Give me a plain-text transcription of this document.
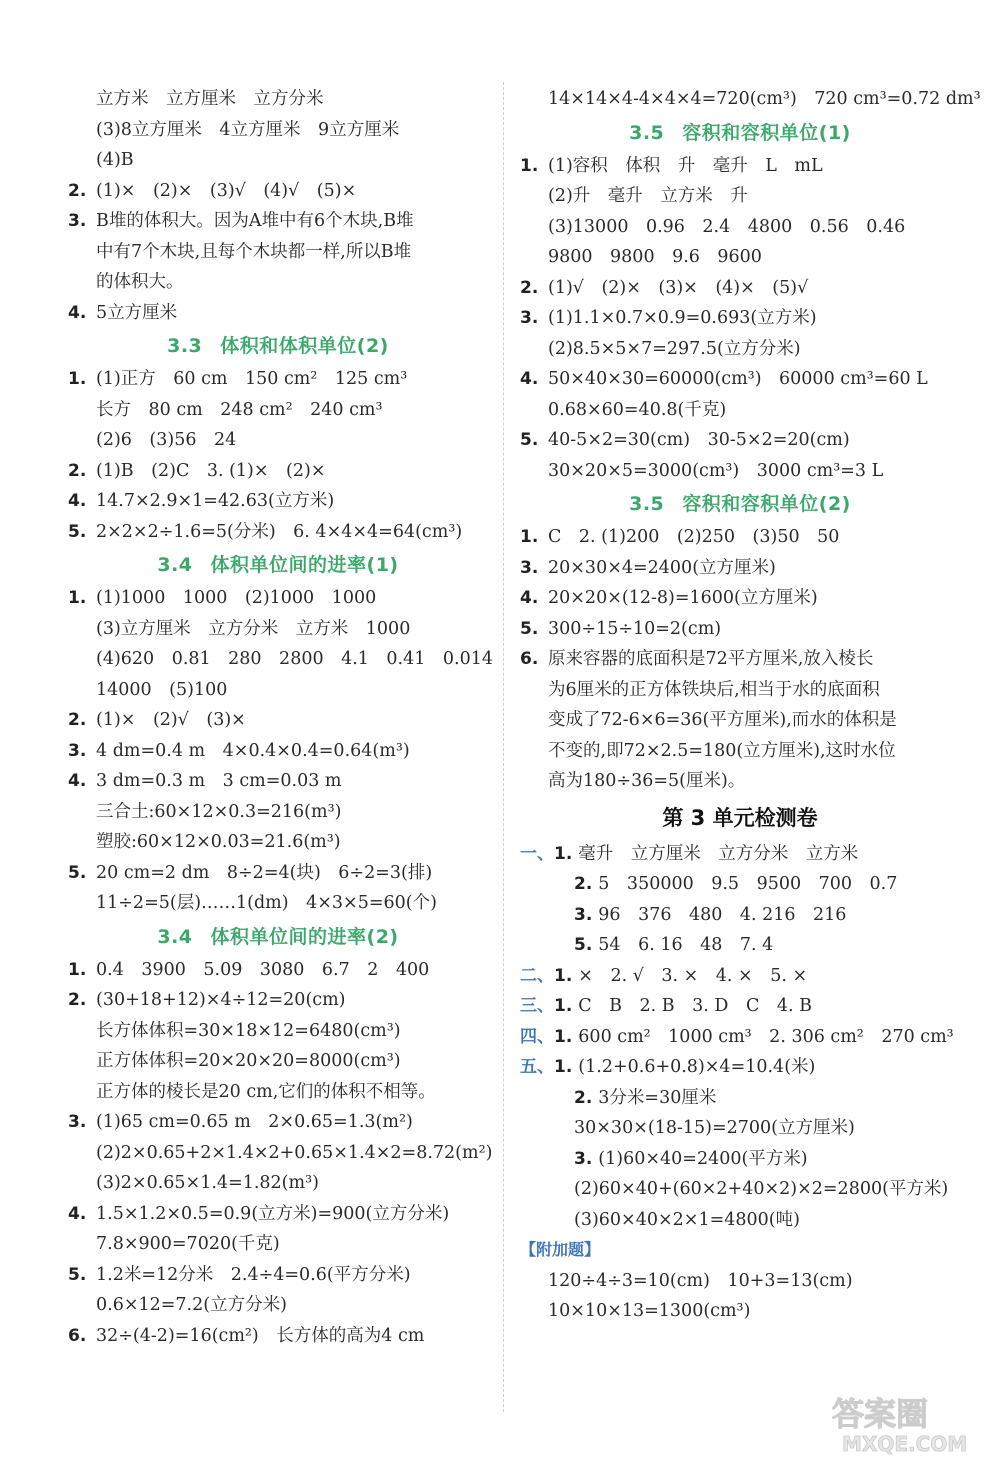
立方米　立方厘米　立方分米
(3)8立方厘米　4立方厘米　9立方厘米
(4)B
2. (1)×　(2)×　(3)√　(4)√　(5)×
3. B堆的体积大。因为A堆中有6个木块,B堆
中有7个木块,且每个木块都一样,所以B堆
的体积大。
4. 5立方厘米
3.3 体积和体积单位(2)
1. (1)正方　60 cm　150 cm²　125 cm³
长方　80 cm　248 cm²　240 cm³
(2)6　(3)56　24
2. (1)B　(2)C　3. (1)×　(2)×
4. 14.7×2.9×1=42.63(立方米)
5. 2×2×2÷1.6=5(分米)　6. 4×4×4=64(cm³)
3.4 体积单位间的进率(1)
1. (1)1000　1000　(2)1000　1000
(3)立方厘米　立方分米　立方米　1000
(4)620　0.81　280　2800　4.1　0.41　0.014
14000　(5)100
2. (1)×　(2)√　(3)×
3. 4 dm=0.4 m　4×0.4×0.4=0.64(m³)
4. 3 dm=0.3 m　3 cm=0.03 m
三合土:60×12×0.3=216(m³)
塑胶:60×12×0.03=21.6(m³)
5. 20 cm=2 dm　8÷2=4(块)　6÷2=3(排)
11÷2=5(层)……1(dm)　4×3×5=60(个)
3.4 体积单位间的进率(2)
1. 0.4　3900　5.09　3080　6.7　2　400
2. (30+18+12)×4÷12=20(cm)
长方体体积=30×18×12=6480(cm³)
正方体体积=20×20×20=8000(cm³)
正方体的棱长是20 cm,它们的体积不相等。
3. (1)65 cm=0.65 m　2×0.65=1.3(m²)
(2)2×0.65+2×1.4×2+0.65×1.4×2=8.72(m²)
(3)2×0.65×1.4=1.82(m³)
4. 1.5×1.2×0.5=0.9(立方米)=900(立方分米)
7.8×900=7020(千克)
5. 1.2米=12分米　2.4÷4=0.6(平方分米)
0.6×12=7.2(立方分米)
6. 32÷(4-2)=16(cm²)　长方体的高为4 cm
14×14×4-4×4×4=720(cm³)　720 cm³=0.72 dm³
3.5 容积和容积单位(1)
1. (1)容积　体积　升　毫升　L　mL
(2)升　毫升　立方米　升
(3)13000　0.96　2.4　4800　0.56　0.46
9800　9800　9.6　9600
2. (1)√　(2)×　(3)×　(4)×　(5)√
3. (1)1.1×0.7×0.9=0.693(立方米)
(2)8.5×5×7=297.5(立方分米)
4. 50×40×30=60000(cm³)　60000 cm³=60 L
0.68×60=40.8(千克)
5. 40-5×2=30(cm)　30-5×2=20(cm)
30×20×5=3000(cm³)　3000 cm³=3 L
3.5 容积和容积单位(2)
1. C　2. (1)200　(2)250　(3)50　50
3. 20×30×4=2400(立方厘米)
4. 20×20×(12-8)=1600(立方厘米)
5. 300÷15÷10=2(cm)
6. 原来容器的底面积是72平方厘米,放入棱长
为6厘米的正方体铁块后,相当于水的底面积
变成了72-6×6=36(平方厘米),而水的体积是
不变的,即72×2.5=180(立方厘米),这时水位
高为180÷36=5(厘米)。
第 3 单元检测卷
一、1. 毫升　立方厘米　立方分米　立方米
2. 5　350000　9.5　9500　700　0.7
3. 96　376　480　4. 216　216
5. 54　6. 16　48　7. 4
二、1. ×　2. √　3. ×　4. ×　5. ×
三、1. C　B　2. B　3. D　C　4. B
四、1. 600 cm²　1000 cm³　2. 306 cm²　270 cm³
五、1. (1.2+0.6+0.8)×4=10.4(米)
2. 3分米=30厘米
30×30×(18-15)=2700(立方厘米)
3. (1)60×40=2400(平方米)
(2)60×40+(60×2+40×2)×2=2800(平方米)
(3)60×40×2×1=4800(吨)
【附加题】
120÷4÷3=10(cm)　10+3=13(cm)
10×10×13=1300(cm³)
答案圈
MXQE.COM
